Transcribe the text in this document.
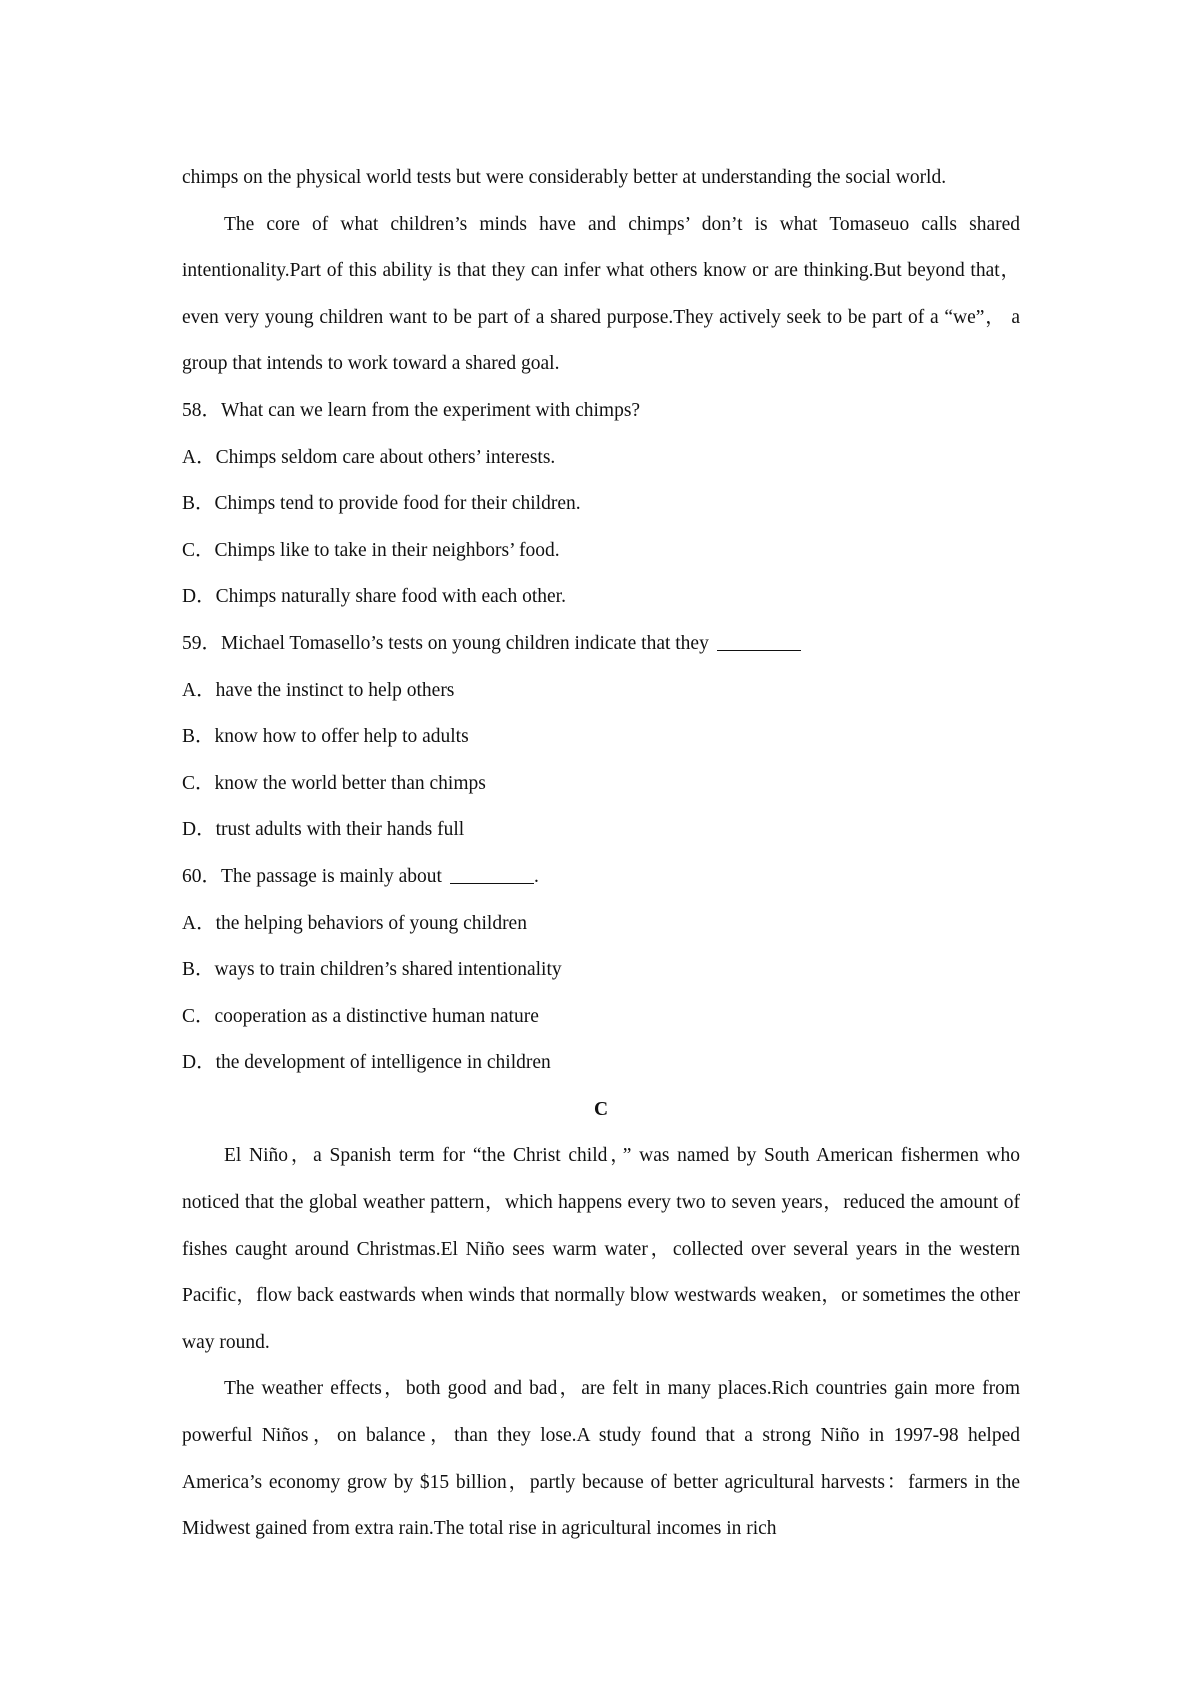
chimps on the physical world tests but were considerably better at understanding the social world.

The core of what children’s minds have and chimps’ don’t is what Tomaseuo calls shared intentionality.Part of this ability is that they can infer what others know or are thinking.But beyond that，even very young children want to be part of a shared purpose.They actively seek to be part of a “we”， a group that intends to work toward a shared goal.

58．What can we learn from the experiment with chimps?

A．Chimps seldom care about others’ interests.

B．Chimps tend to provide food for their children.

C．Chimps like to take in their neighbors’ food.

D．Chimps naturally share food with each other.

59．Michael Tomasello’s tests on young children indicate that they

A．have the instinct to help others

B．know how to offer help to adults

C．know the world better than chimps

D．trust adults with their hands full

60．The passage is mainly about	.

A．the helping behaviors of young children

B．ways to train children’s shared intentionality

C．cooperation as a distinctive human nature

D．the development of intelligence in children

C

El Niño，a Spanish term for “the Christ child，” was named by South American fishermen who noticed that the global weather pattern，which happens every two to seven years，reduced the amount of fishes caught around Christmas.El Niño sees warm water，collected over several years in the western Pacific，flow back eastwards when winds that normally blow westwards weaken，or sometimes the other way round.

The weather effects，both good and bad，are felt in many places.Rich countries gain more from powerful Niños，on balance，than they lose.A study found that a strong Niño in 1997-98 helped America’s economy grow by $15 billion，partly because of better agricultural harvests：farmers in the Midwest gained from extra rain.The total rise in agricultural incomes in rich
